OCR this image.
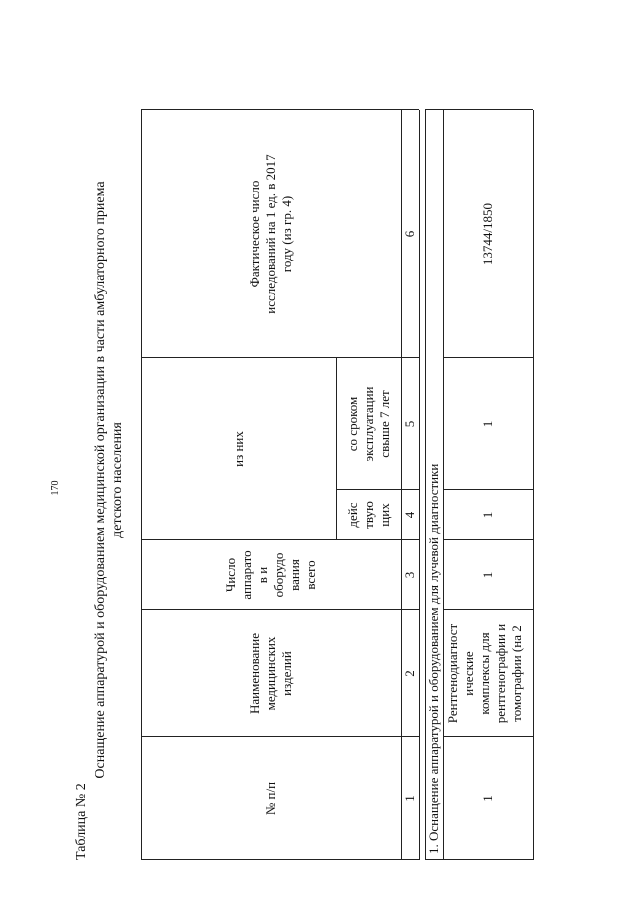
170
Таблица № 2
Оснащение аппаратурой и оборудованием медицинской организации в части амбулаторного приема детского населения
№ п/п
Наименование
медицинских
изделий
Число
аппарато
в и
оборудо
вания
всего
из них
дейс
твую
щих
со сроком
эксплуатации
свыше 7 лет
Фактическое число
исследований на 1 ед. в 2017
году (из гр. 4)
1
2
3
4
5
6
1. Оснащение аппаратурой и оборудованием для лучевой диагностики	1
Рентгенодиагност
ические
комплексы для
рентгенографии и
томографии (на 2
1
1
1
13744/1850
